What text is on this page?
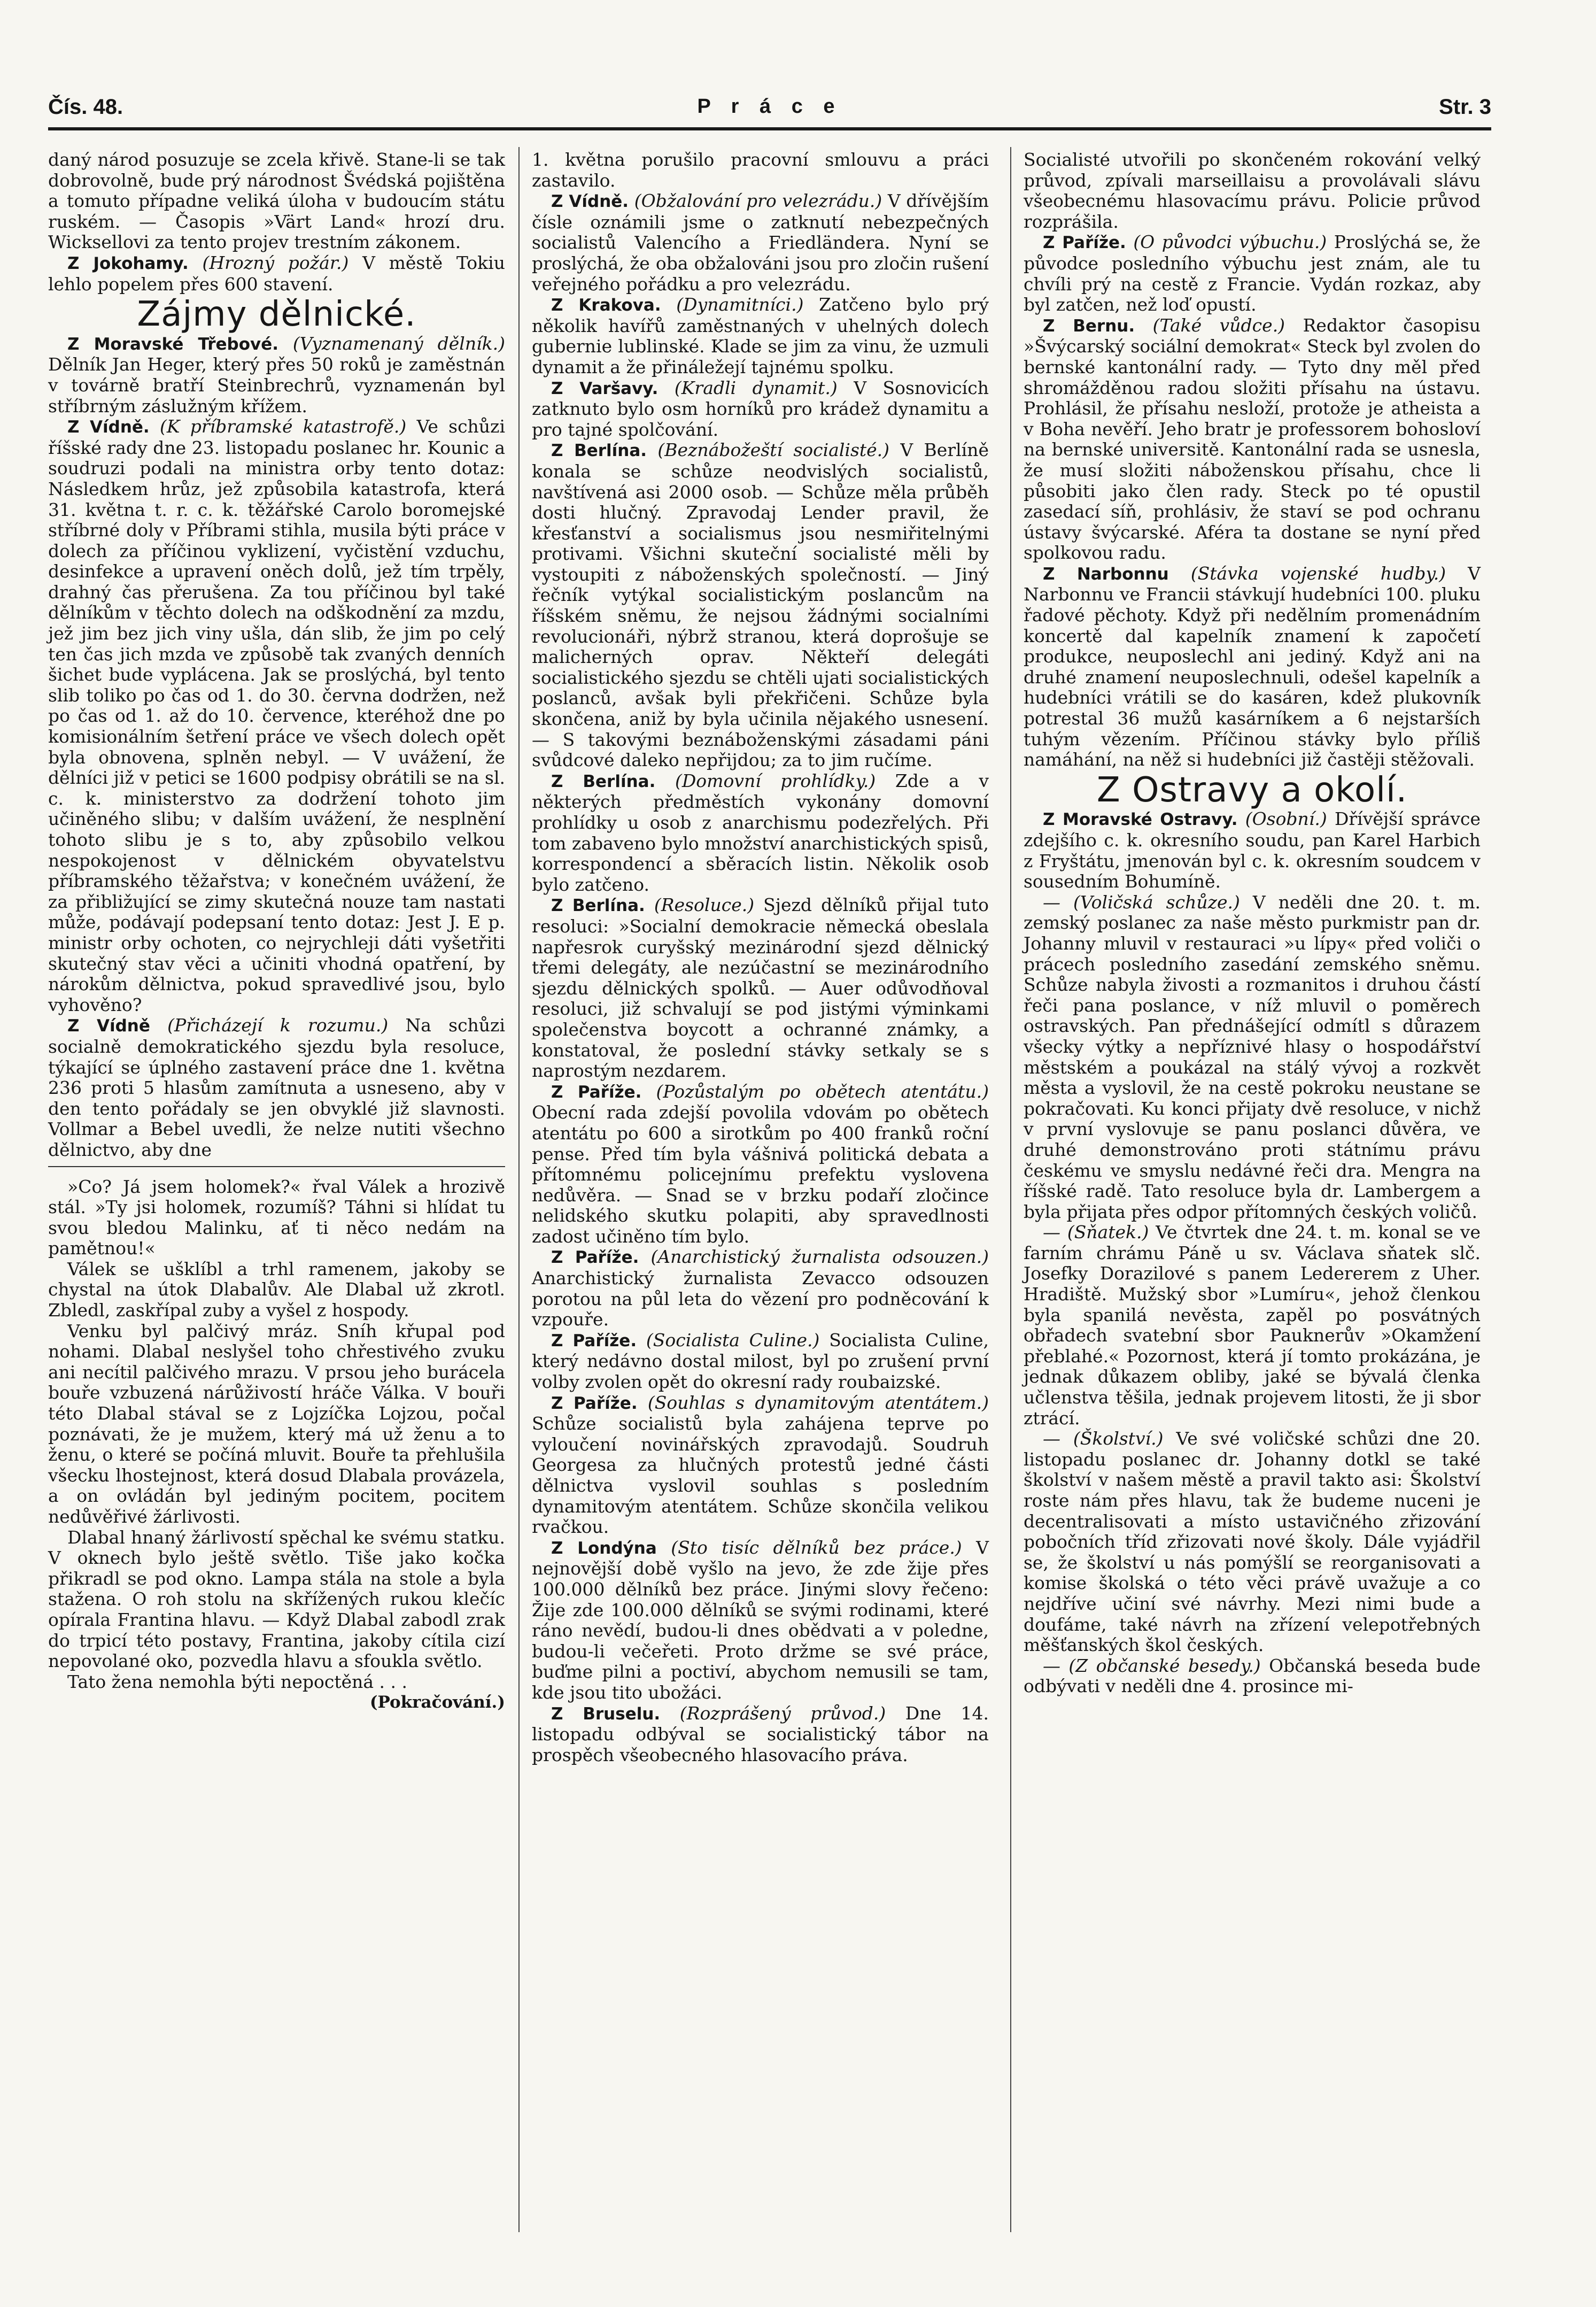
Čís. 48.	P r á c e	Str. 3

daný národ posuzuje se zcela křivě. Stane-li se tak dobrovolně, bude prý národnost Švédská pojištěna a tomuto případne veliká úloha v budoucím státu ruském. — Časopis »Värt Land« hrozí dru. Wicksellovi za tento projev trestním zákonem.

Z Jokohamy. (Hrozný požár.) V městě Tokiu lehlo popelem přes 600 stavení.

Zájmy dělnické.

Z Moravské Třebové. (Vyznamenaný dělník.) Dělník Jan Heger, který přes 50 roků je zaměstnán v továrně bratří Steinbrechrů, vyznamenán byl stříbrným záslužným křížem.

Z Vídně. (K příbramské katastrofě.) Ve schůzi říšské rady dne 23. listopadu poslanec hr. Kounic a soudruzi podali na ministra orby tento dotaz: Následkem hrůz, jež způsobila katastrofa, která 31. května t. r. c. k. těžářské Carolo boromejské stříbrné doly v Příbrami stihla, musila býti práce v dolech za příčinou vyklizení, vyčistění vzduchu, desinfekce a upravení oněch dolů, jež tím trpěly, drahný čas přerušena. Za tou příčinou byl také dělníkům v těchto dolech na odškodnění za mzdu, jež jim bez jich viny ušla, dán slib, že jim po celý ten čas jich mzda ve způsobě tak zvaných denních šichet bude vyplácena. Jak se proslýchá, byl tento slib toliko po čas od 1. do 30. června dodržen, než po čas od 1. až do 10. července, kteréhož dne po komisionálním šetření práce ve všech dolech opět byla obnovena, splněn nebyl. — V uvážení, že dělníci již v petici se 1600 podpisy obrátili se na sl. c. k. ministerstvo za dodržení tohoto jim učiněného slibu; v dalším uvážení, že nesplnění tohoto slibu je s to, aby způsobilo velkou nespokojenost v dělnickém obyvatelstvu příbramského těžařstva; v konečném uvážení, že za přibližující se zimy skutečná nouze tam nastati může, podávají podepsaní tento dotaz: Jest J. E p. ministr orby ochoten, co nejrychleji dáti vyšetřiti skutečný stav věci a učiniti vhodná opatření, by nárokům dělnictva, pokud spravedlivé jsou, bylo vyhověno?

Z Vídně (Přicházejí k rozumu.) Na schůzi socialně demokratického sjezdu byla resoluce, týkající se úplného zastavení práce dne 1. května 236 proti 5 hlasům zamítnuta a usneseno, aby v den tento pořádaly se jen obvyklé již slavnosti. Vollmar a Bebel uvedli, že nelze nutiti všechno dělnictvo, aby dne

»Co? Já jsem holomek?« řval Válek a hrozivě stál. »Ty jsi holomek, rozumíš? Táhni si hlídat tu svou bledou Malinku, ať ti něco nedám na pamětnou!«

Válek se ušklíbl a trhl ramenem, jakoby se chystal na útok Dlabalův. Ale Dlabal už zkrotl. Zbledl, zaskřípal zuby a vyšel z hospody.

Venku byl palčivý mráz. Sníh křupal pod nohami. Dlabal neslyšel toho chřestivého zvuku ani necítil palčivého mrazu. V prsou jeho burácela bouře vzbuzená nárůživostí hráče Válka. V bouři této Dlabal stával se z Lojzíčka Lojzou, počal poznávati, že je mužem, který má už ženu a to ženu, o které se počíná mluvit. Bouře ta přehlušila všecku lhostejnost, která dosud Dlabala provázela, a on ovládán byl jediným pocitem, pocitem nedůvěřivé žárlivosti.

Dlabal hnaný žárlivostí spěchal ke svému statku. V oknech bylo ještě světlo. Tiše jako kočka přikradl se pod okno. Lampa stála na stole a byla stažena. O roh stolu na skřížených rukou klečíc opírala Frantina hlavu. — Když Dlabal zabodl zrak do trpicí této postavy, Frantina, jakoby cítila cizí nepovolané oko, pozvedla hlavu a sfoukla světlo.

Tato žena nemohla býti nepoctěná . . .

(Pokračování.)

1. května porušilo pracovní smlouvu a práci zastavilo.

Z Vídně. (Obžalování pro velezrádu.) V dřívějším čísle oznámili jsme o zatknutí nebezpečných socialistů Valencího a Friedländera. Nyní se proslýchá, že oba obžalováni jsou pro zločin rušení veřejného pořádku a pro velezrádu.

Z Krakova. (Dynamitníci.) Zatčeno bylo prý několik havířů zaměstnaných v uhelných dolech gubernie lublinské. Klade se jim za vinu, že uzmuli dynamit a že přináležejí tajnému spolku.

Z Varšavy. (Kradli dynamit.) V Sosnovicích zatknuto bylo osm horníků pro krádež dynamitu a pro tajné spolčování.

Z Berlína. (Beznábožeští socialisté.) V Berlíně konala se schůze neodvislých socialistů, navštívená asi 2000 osob. — Schůze měla průběh dosti hlučný. Zpravodaj Lender pravil, že křesťanství a socialismus jsou nesmiřitelnými protivami. Všichni skuteční socialisté měli by vystoupiti z náboženských společností. — Jiný řečník vytýkal socialistickým poslancům na říšském sněmu, že nejsou žádnými socialními revolucionáři, nýbrž stranou, která doprošuje se malicherných oprav. Někteří delegáti socialistického sjezdu se chtěli ujati socialistických poslanců, avšak byli překřičeni. Schůze byla skončena, aniž by byla učinila nějakého usnesení. — S takovými beznáboženskými zásadami páni svůdcové daleko nepřijdou; za to jim ručíme.

Z Berlína. (Domovní prohlídky.) Zde a v některých předměstích vykonány domovní prohlídky u osob z anarchismu podezřelých. Při tom zabaveno bylo množství anarchistických spisů, korrespondencí a sběracích listin. Několik osob bylo zatčeno.

Z Berlína. (Resoluce.) Sjezd dělníků přijal tuto resoluci: »Socialní demokracie německá obeslala napřesrok curyšský mezinárodní sjezd dělnický třemi delegáty, ale nezúčastní se mezinárodního sjezdu dělnických spolků. — Auer odůvodňoval resoluci, již schvalují se pod jistými výminkami společenstva boycott a ochranné známky, a konstatoval, že poslední stávky setkaly se s naprostým nezdarem.

Z Paříže. (Pozůstalým po obětech atentátu.) Obecní rada zdejší povolila vdovám po obětech atentátu po 600 a sirotkům po 400 franků roční pense. Před tím byla vášnivá politická debata a přítomnému policejnímu prefektu vyslovena nedůvěra. — Snad se v brzku podaří zločince nelidského skutku polapiti, aby spravedlnosti zadost učiněno tím bylo.

Z Paříže. (Anarchistický žurnalista odsouzen.) Anarchistický žurnalista Zevacco odsouzen porotou na půl leta do vězení pro podněcování k vzpouře.

Z Paříže. (Socialista Culine.) Socialista Culine, který nedávno dostal milost, byl po zrušení první volby zvolen opět do okresní rady roubaizské.

Z Paříže. (Souhlas s dynamitovým atentátem.) Schůze socialistů byla zahájena teprve po vyloučení novinářských zpravodajů. Soudruh Georgesa za hlučných protestů jedné části dělnictva vyslovil souhlas s posledním dynamitovým atentátem. Schůze skončila velikou rvačkou.

Z Londýna (Sto tisíc dělníků bez práce.) V nejnovější době vyšlo na jevo, že zde žije přes 100.000 dělníků bez práce. Jinými slovy řečeno: Žije zde 100.000 dělníků se svými rodinami, které ráno nevědí, budou-li dnes obědvati a v poledne, budou-li večeřeti. Proto držme se své práce, buďme pilni a poctiví, abychom nemusili se tam, kde jsou tito ubožáci.

Z Bruselu. (Rozprášený průvod.) Dne 14. listopadu odbýval se socialistický tábor na prospěch všeobecného hlasovacího práva.

Socialisté utvořili po skončeném rokování velký průvod, zpívali marseillaisu a provolávali slávu všeobecnému hlasovacímu právu. Policie průvod rozprášila.

Z Paříže. (O původci výbuchu.) Proslýchá se, že původce posledního výbuchu jest znám, ale tu chvíli prý na cestě z Francie. Vydán rozkaz, aby byl zatčen, než loď opustí.

Z Bernu. (Také vůdce.) Redaktor časopisu »Švýcarský sociální demokrat« Steck byl zvolen do bernské kantonální rady. — Tyto dny měl před shromážděnou radou složiti přísahu na ústavu. Prohlásil, že přísahu nesloží, protože je atheista a v Boha nevěří. Jeho bratr je professorem bohosloví na bernské universitě. Kantonální rada se usnesla, že musí složiti náboženskou přísahu, chce li působiti jako člen rady. Steck po té opustil zasedací síň, prohlásiv, že staví se pod ochranu ústavy švýcarské. Aféra ta dostane se nyní před spolkovou radu.

Z Narbonnu (Stávka vojenské hudby.) V Narbonnu ve Francii stávkují hudebníci 100. pluku řadové pěchoty. Když při nedělním promenádním koncertě dal kapelník znamení k započetí produkce, neuposlechl ani jediný. Když ani na druhé znamení neuposlechnuli, odešel kapelník a hudebníci vrátili se do kasáren, kdež plukovník potrestal 36 mužů kasárníkem a 6 nejstarších tuhým vězením. Příčinou stávky bylo příliš namáhání, na něž si hudebníci již častěji stěžovali.

Z Ostravy a okolí.

Z Moravské Ostravy. (Osobní.) Dřívější správce zdejšího c. k. okresního soudu, pan Karel Harbich z Fryštátu, jmenován byl c. k. okresním soudcem v sousedním Bohumíně.

— (Voličská schůze.) V neděli dne 20. t. m. zemský poslanec za naše město purkmistr pan dr. Johanny mluvil v restauraci »u lípy« před voliči o prácech posledního zasedání zemského sněmu. Schůze nabyla živosti a rozmanitos i druhou částí řeči pana poslance, v níž mluvil o poměrech ostravských. Pan přednášející odmítl s důrazem všecky výtky a nepříznivé hlasy o hospodářství městském a poukázal na stálý vývoj a rozkvět města a vyslovil, že na cestě pokroku neustane se pokračovati. Ku konci přijaty dvě resoluce, v nichž v první vyslovuje se panu poslanci důvěra, ve druhé demonstrováno proti státnímu právu českému ve smyslu nedávné řeči dra. Mengra na říšské radě. Tato resoluce byla dr. Lambergem a byla přijata přes odpor přítomných českých voličů.

— (Sňatek.) Ve čtvrtek dne 24. t. m. konal se ve farním chrámu Páně u sv. Václava sňatek slč. Josefky Dorazilové s panem Ledererem z Uher. Hradiště. Mužský sbor »Lumíru«, jehož členkou byla spanilá nevěsta, zapěl po posvátných obřadech svatební sbor Pauknerův »Okamžení přeblahé.« Pozornost, která jí tomto prokázána, je jednak důkazem obliby, jaké se bývalá členka učlenstva těšila, jednak projevem litosti, že ji sbor ztrácí.

— (Školství.) Ve své voličské schůzi dne 20. listopadu poslanec dr. Johanny dotkl se také školství v našem městě a pravil takto asi: Školství roste nám přes hlavu, tak že budeme nuceni je decentralisovati a místo ustavičného zřizování pobočních tříd zřizovati nové školy. Dále vyjádřil se, že školství u nás pomýšlí se reorganisovati a komise školská o této věci právě uvažuje a co nejdříve učiní své návrhy. Mezi nimi bude a doufáme, také návrh na zřízení velepotřebných měšťanských škol českých.

— (Z občanské besedy.) Občanská beseda bude odbývati v neděli dne 4. prosince mi-
